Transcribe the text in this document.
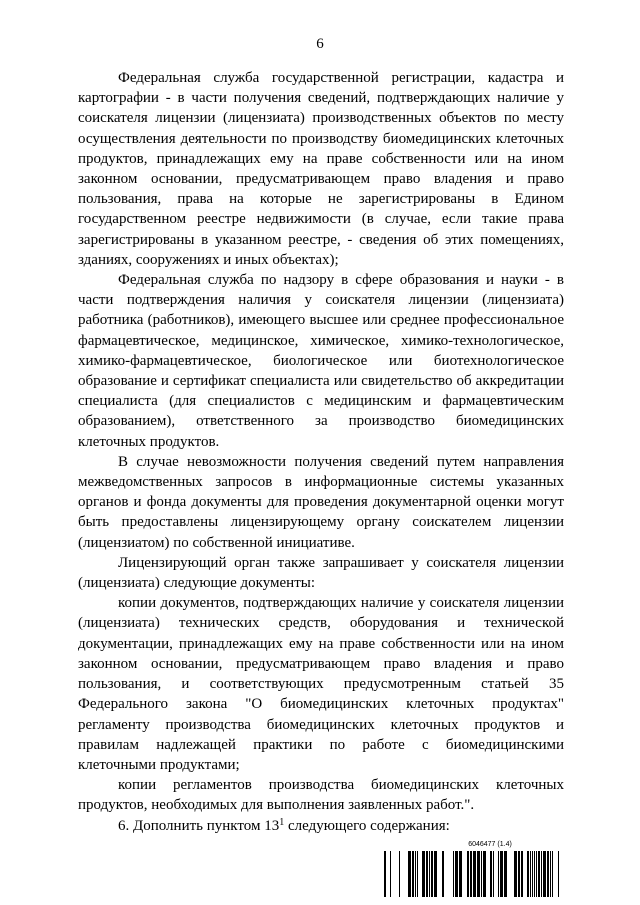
6

Федеральная служба государственной регистрации, кадастра и картографии - в части получения сведений, подтверждающих наличие у соискателя лицензии (лицензиата) производственных объектов по месту осуществления деятельности по производству биомедицинских клеточных продуктов, принадлежащих ему на праве собственности или на ином законном основании, предусматривающем право владения и право пользования, права на которые не зарегистрированы в Едином государственном реестре недвижимости (в случае, если такие права зарегистрированы в указанном реестре, - сведения об этих помещениях, зданиях, сооружениях и иных объектах);

Федеральная служба по надзору в сфере образования и науки - в части подтверждения наличия у соискателя лицензии (лицензиата) работника (работников), имеющего высшее или среднее профессиональное фармацевтическое, медицинское, химическое, химико-технологическое, химико-фармацевтическое, биологическое или биотехнологическое образование и сертификат специалиста или свидетельство об аккредитации специалиста (для специалистов с медицинским и фармацевтическим образованием), ответственного за производство биомедицинских клеточных продуктов.

В случае невозможности получения сведений путем направления межведомственных запросов в информационные системы указанных органов и фонда документы для проведения документарной оценки могут быть предоставлены лицензирующему органу соискателем лицензии (лицензиатом) по собственной инициативе.

Лицензирующий орган также запрашивает у соискателя лицензии (лицензиата) следующие документы:

копии документов, подтверждающих наличие у соискателя лицензии (лицензиата) технических средств, оборудования и технической документации, принадлежащих ему на праве собственности или на ином законном основании, предусматривающем право владения и право пользования, и соответствующих предусмотренным статьей 35 Федерального закона "О биомедицинских клеточных продуктах" регламенту производства биомедицинских клеточных продуктов и правилам надлежащей практики по работе с биомедицинскими клеточными продуктами;

копии регламентов производства биомедицинских клеточных продуктов, необходимых для выполнения заявленных работ.".

6. Дополнить пунктом $13^1$ следующего содержания:

6046477 (1.4)
